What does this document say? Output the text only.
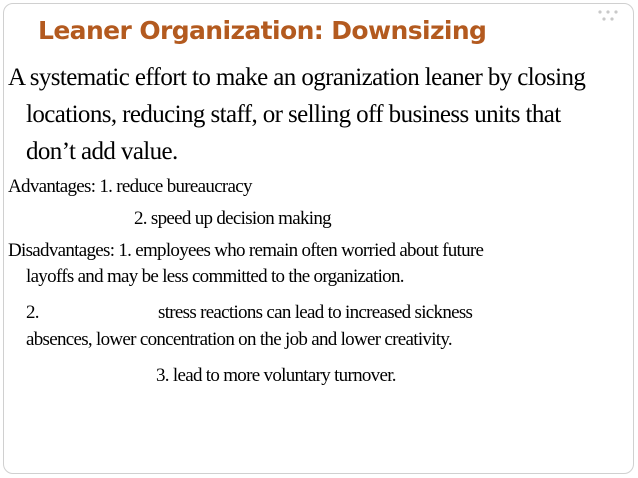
Leaner Organization: Downsizing

A systematic effort to make an ogranization leaner by closing

locations, reducing staff, or selling off business units that

don’t add value.

Advantages: 1. reduce bureaucracy

2. speed up decision making

Disadvantages: 1. employees who remain often worried about future

layoffs and may be less committed to the organization.

2.	stress reactions can lead to increased sickness

absences, lower concentration on the job and lower creativity.

3. lead to more voluntary turnover.
